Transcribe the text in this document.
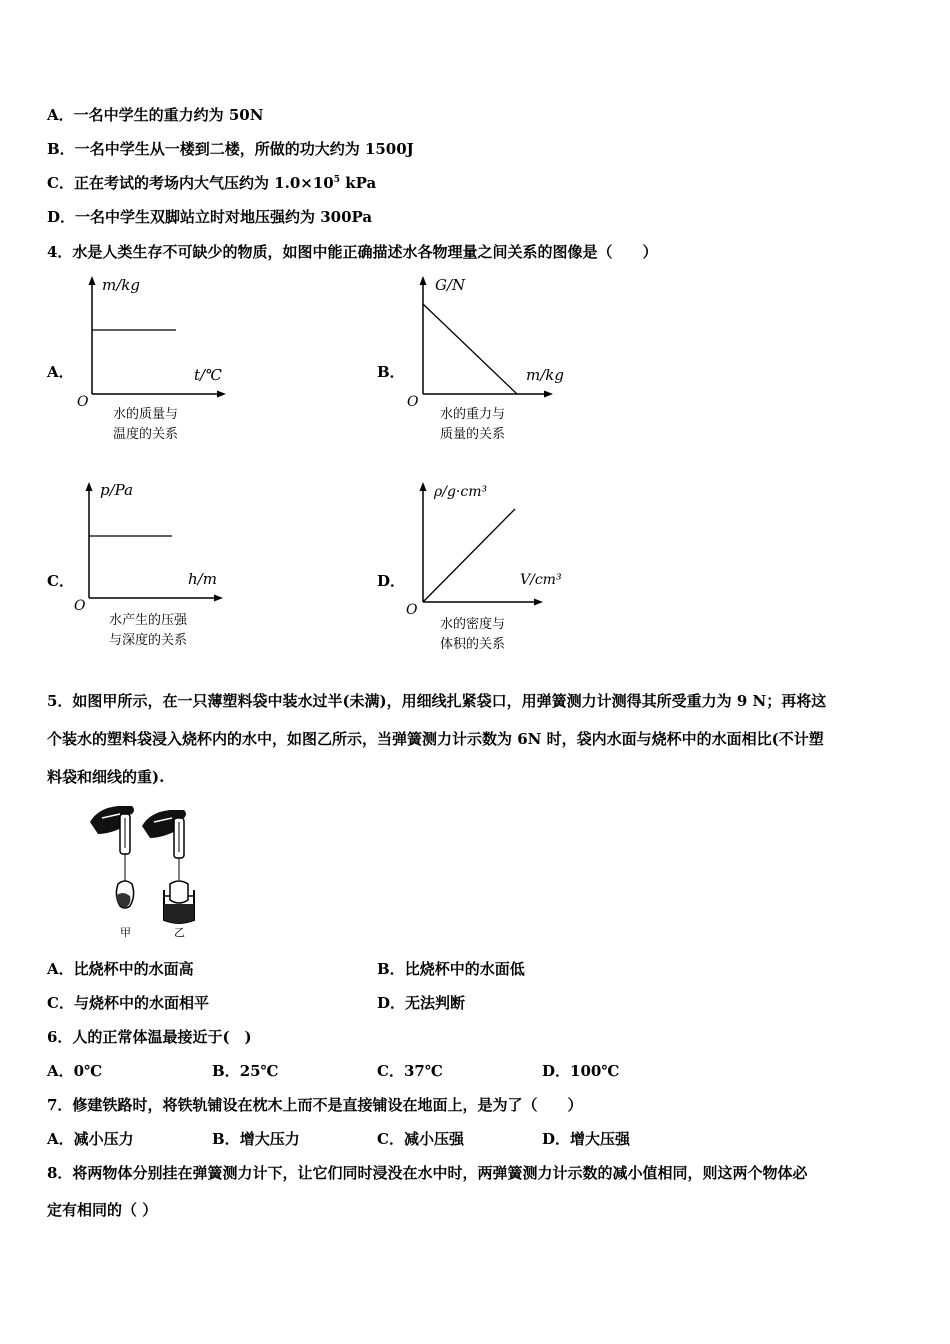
A．一名中学生的重力约为 50N
B．一名中学生从一楼到二楼，所做的功大约为 1500J
C．正在考试的考场内大气压约为 $1.0\times 10^5$ kPa
D．一名中学生双脚站立时对地压强约为 300Pa
4．水是人类生存不可缺少的物质，如图中能正确描述水各物理量之间关系的图像是（　　）
A．
m/kg
t/℃
O
水的质量与
温度的关系
B．
G/N
m/kg
O
水的重力与
质量的关系
C．
p/Pa
h/m
O
水产生的压强
与深度的关系
D．
ρ/g·cm³
V/cm³
O
水的密度与
体积的关系
5．如图甲所示，在一只薄塑料袋中装水过半(未满)，用细线扎紧袋口，用弹簧测力计测得其所受重力为 9 N；再将这
个装水的塑料袋浸入烧杯内的水中，如图乙所示，当弹簧测力计示数为 6N 时，袋内水面与烧杯中的水面相比(不计塑
料袋和细线的重).
甲	乙
A．比烧杯中的水面高	B．比烧杯中的水面低
C．与烧杯中的水面相平	D．无法判断
6．人的正常体温最接近于(　)
A．0℃	B．25℃	C．37℃	D．100℃
7．修建铁路时，将铁轨铺设在枕木上而不是直接铺设在地面上，是为了（　　）
A．减小压力	B．增大压力	C．减小压强	D．增大压强
8．将两物体分别挂在弹簧测力计下，让它们同时浸没在水中时，两弹簧测力计示数的减小值相同，则这两个物体必
定有相同的（ ）
